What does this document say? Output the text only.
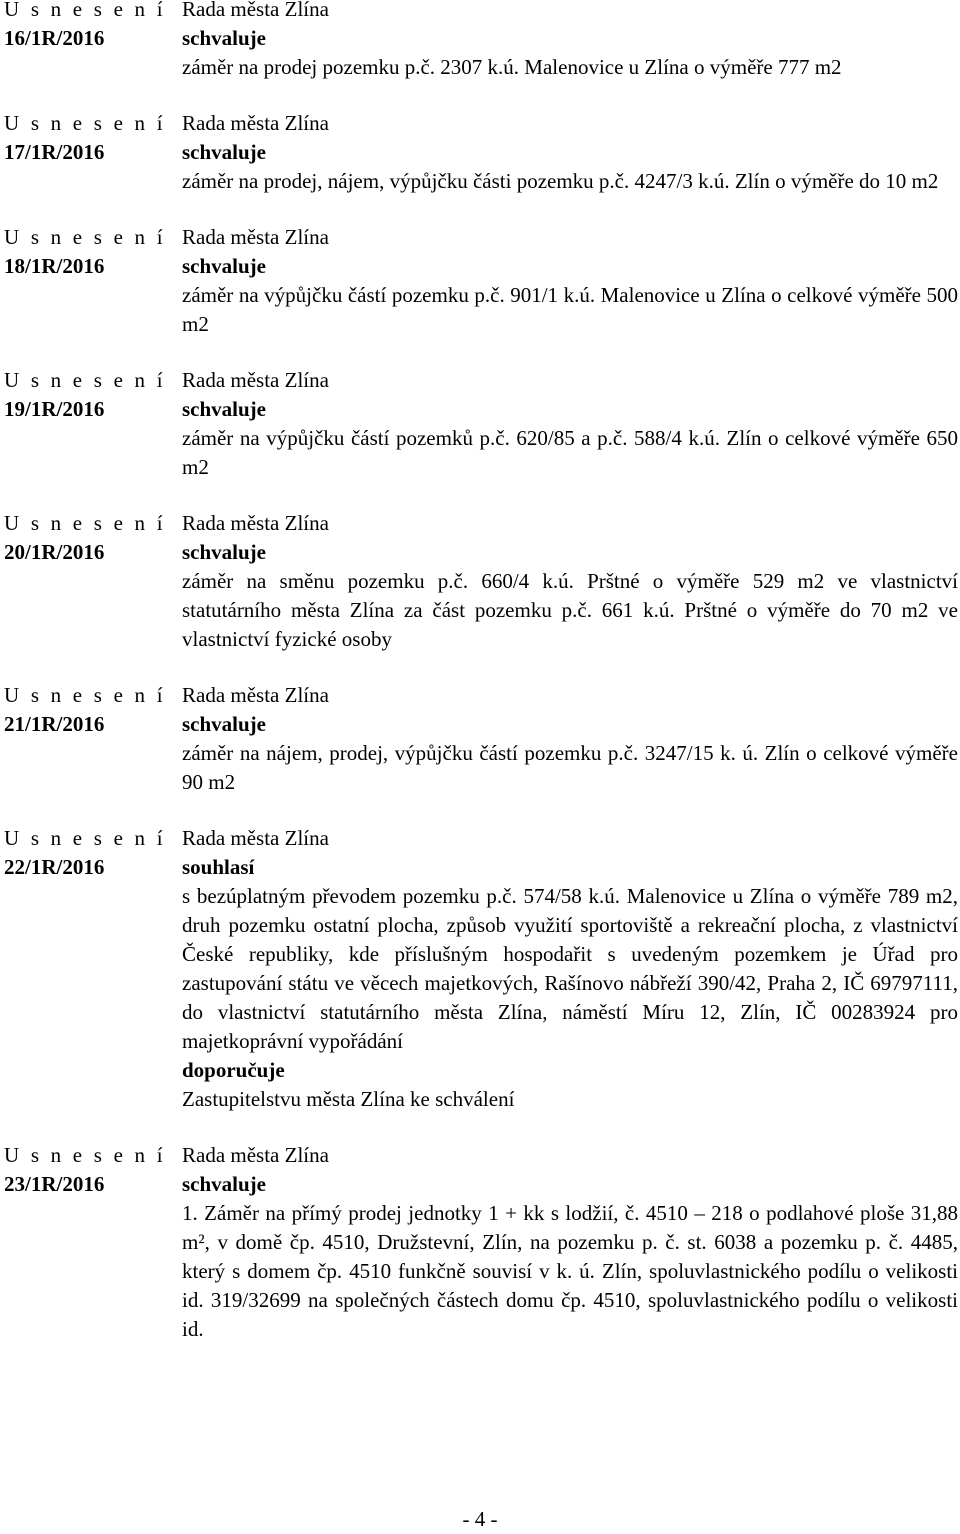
U s n e s e n í
16/1R/2016
Rada města Zlína
schvaluje
záměr na prodej pozemku p.č. 2307 k.ú. Malenovice u Zlína o výměře 777 m2
U s n e s e n í
17/1R/2016
Rada města Zlína
schvaluje
záměr na prodej, nájem, výpůjčku části pozemku p.č. 4247/3 k.ú. Zlín o výměře do 10 m2
U s n e s e n í
18/1R/2016
Rada města Zlína
schvaluje
záměr na výpůjčku částí pozemku p.č. 901/1 k.ú. Malenovice u Zlína o celkové výměře 500 m2
U s n e s e n í
19/1R/2016
Rada města Zlína
schvaluje
záměr na výpůjčku částí pozemků p.č. 620/85 a p.č. 588/4 k.ú. Zlín o celkové výměře 650 m2
U s n e s e n í
20/1R/2016
Rada města Zlína
schvaluje
záměr na směnu pozemku p.č. 660/4 k.ú. Prštné o výměře 529 m2 ve vlastnictví statutárního města Zlína za část pozemku p.č. 661 k.ú. Prštné o výměře do 70 m2 ve vlastnictví fyzické osoby
U s n e s e n í
21/1R/2016
Rada města Zlína
schvaluje
záměr na nájem, prodej, výpůjčku částí pozemku p.č. 3247/15 k. ú. Zlín o celkové výměře 90 m2
U s n e s e n í
22/1R/2016
Rada města Zlína
souhlasí
s bezúplatným převodem pozemku p.č. 574/58 k.ú. Malenovice u Zlína o výměře 789 m2, druh pozemku ostatní plocha, způsob využití sportoviště a rekreační plocha, z vlastnictví České republiky, kde příslušným hospodařit s uvedeným pozemkem je Úřad pro zastupování státu ve věcech majetkových, Rašínovo nábřeží 390/42, Praha 2, IČ 69797111, do vlastnictví statutárního města Zlína, náměstí Míru 12, Zlín, IČ 00283924 pro majetkoprávní vypořádání
doporučuje
Zastupitelstvu města Zlína ke schválení
U s n e s e n í
23/1R/2016
Rada města Zlína
schvaluje
1. Záměr na přímý prodej jednotky 1 + kk s lodžií, č. 4510 – 218 o podlahové ploše 31,88 m², v domě čp. 4510, Družstevní, Zlín, na pozemku p. č. st. 6038 a pozemku p. č. 4485, který s domem čp. 4510 funkčně souvisí v k. ú. Zlín, spoluvlastnického podílu o velikosti id. 319/32699 na společných částech domu čp. 4510, spoluvlastnického podílu o velikosti id.
- 4 -
